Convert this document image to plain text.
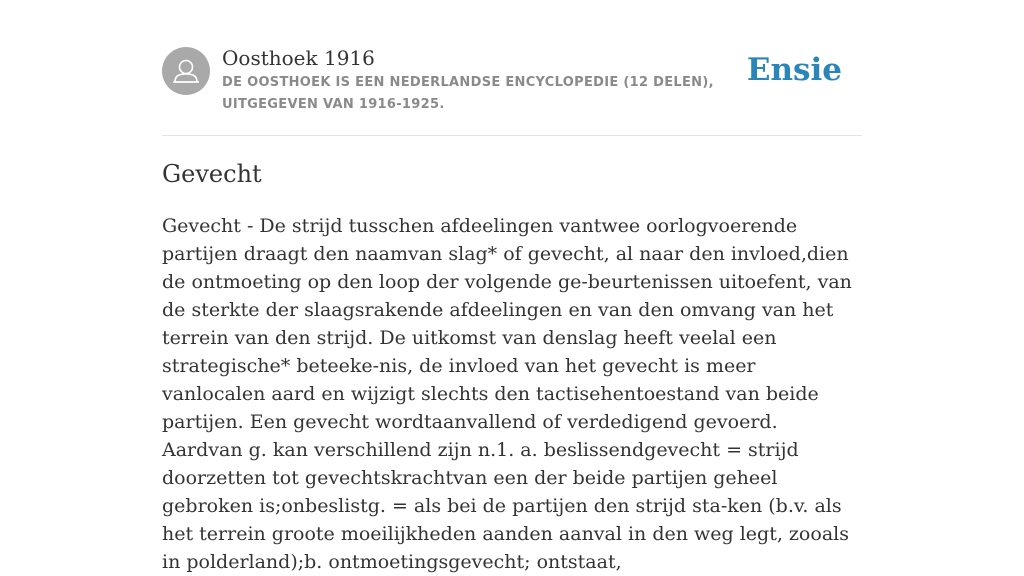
Oosthoek 1916
DE OOSTHOEK IS EEN NEDERLANDSE ENCYCLOPEDIE (12 DELEN), UITGEGEVEN VAN 1916-1925.
Ensie
Gevecht

Gevecht - De strijd tusschen afdeelingen vantwee oorlogvoerende partijen draagt den naamvan slag* of gevecht, al naar den invloed,dien de ontmoeting op den loop der volgende ge-beurtenissen uitoefent, van de sterkte der slaagsrakende afdeelingen en van den omvang van het terrein van den strijd. De uitkomst van denslag heeft veelal een strategische* beteeke-nis, de invloed van het gevecht is meer vanlocalen aard en wijzigt slechts den tactisehentoestand van beide partijen. Een gevecht wordtaanvallend of verdedigend gevoerd. Aardvan g. kan verschillend zijn n.1. a. beslissendgevecht = strijd doorzetten tot gevechtskrachtvan een der beide partijen geheel gebroken is;onbeslistg. = als bei de partijen den strijd sta-ken (b.v. als het terrein groote moeilijkheden aanden aanval in den weg legt, zooals in polderland);b. ontmoetingsgevecht; ontstaat,
